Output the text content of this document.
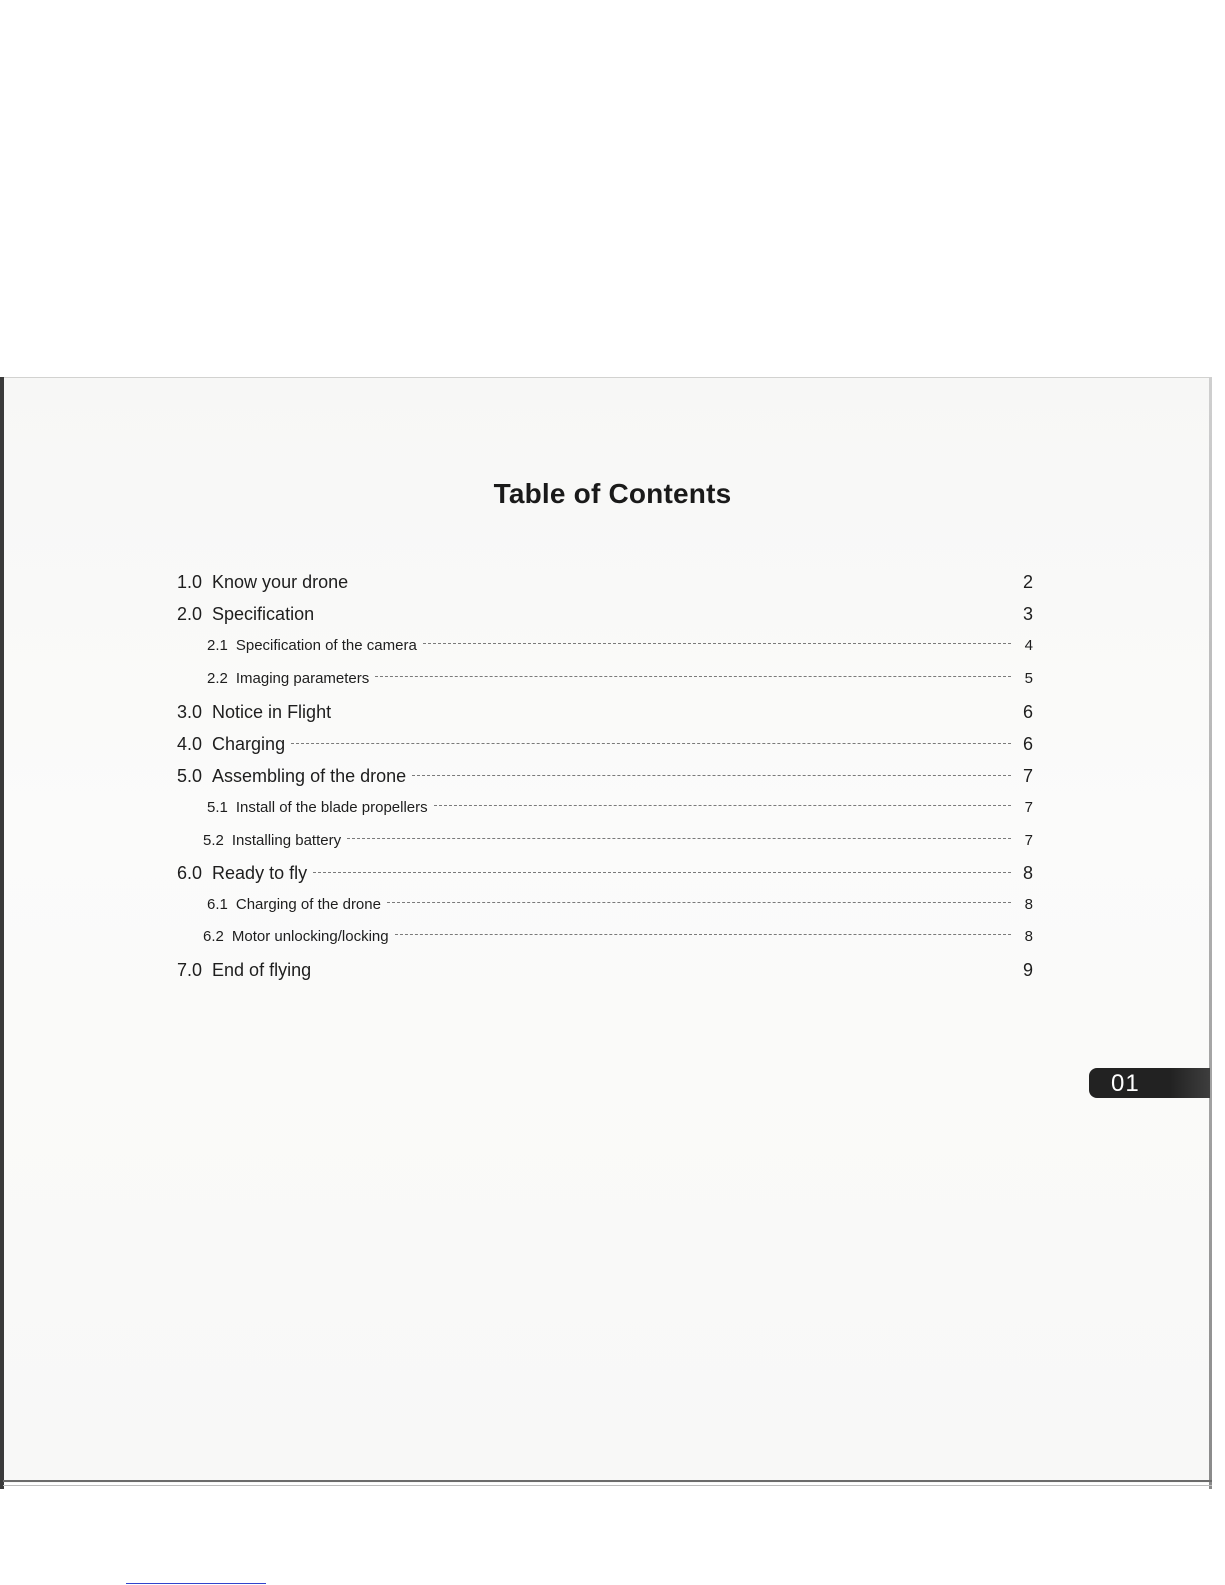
Table of Contents
1.0 Know your drone	2
2.0 Specification	3
2.1 Specification of the camera	4
2.2 Imaging parameters	5
3.0 Notice in Flight	6
4.0 Charging	6
5.0 Assembling of the drone	7
5.1 Install of the blade propellers	7
5.2 Installing battery	7
6.0 Ready to fly	8
6.1 Charging of the drone	8
6.2 Motor unlocking/locking	8
7.0 End of flying	9
01
